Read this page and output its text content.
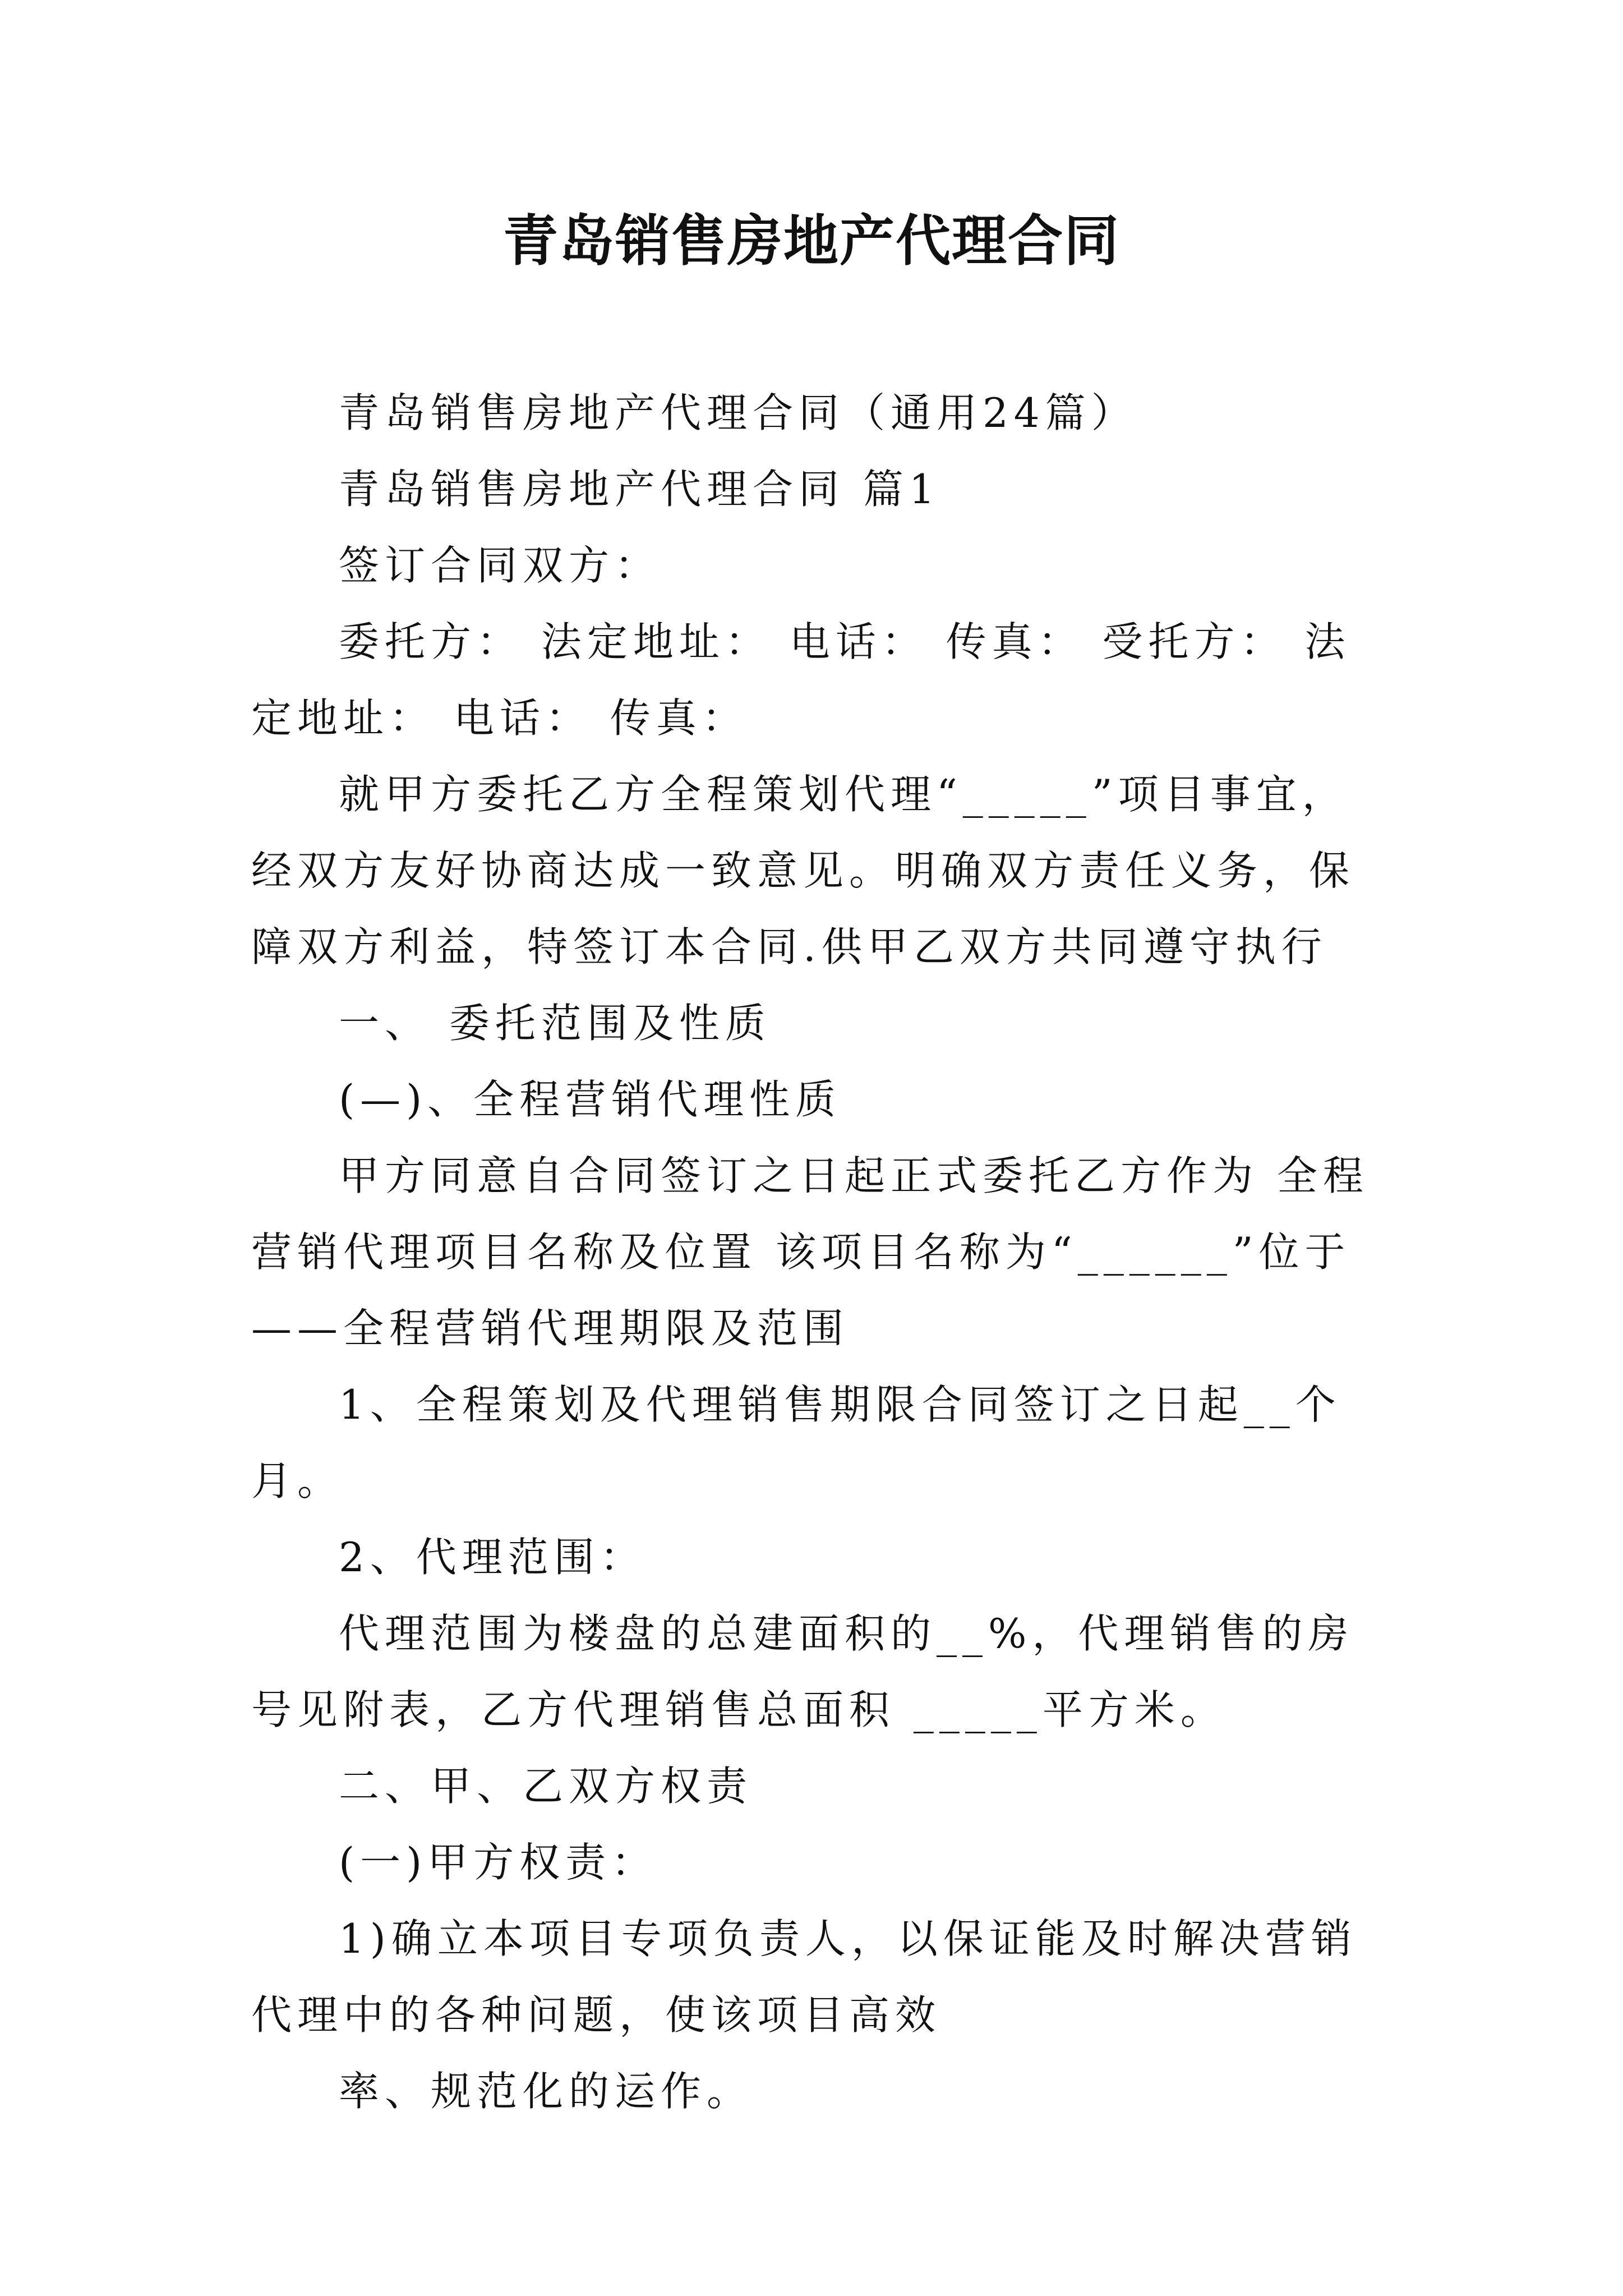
青岛销售房地产代理合同

青岛销售房地产代理合同（通用24篇）

青岛销售房地产代理合同 篇1

签订合同双方：

委托方： 法定地址： 电话： 传真： 受托方： 法定地址： 电话： 传真：

就甲方委托乙方全程策划代理“_____”项目事宜，经双方友好协商达成一致意见。明确双方责任义务，保障双方利益，特签订本合同.供甲乙双方共同遵守执行

一、 委托范围及性质

(—)、全程营销代理性质

甲方同意自合同签订之日起正式委托乙方作为 全程营销代理项目名称及位置 该项目名称为“______”位于——全程营销代理期限及范围

1、全程策划及代理销售期限合同签订之日起__个月。

2、代理范围：

代理范围为楼盘的总建面积的__%，代理销售的房号见附表，乙方代理销售总面积 _____平方米。

二、甲、乙双方权责

(一)甲方权责：

1)确立本项目专项负责人，以保证能及时解决营销代理中的各种问题，使该项目高效

率、规范化的运作。
